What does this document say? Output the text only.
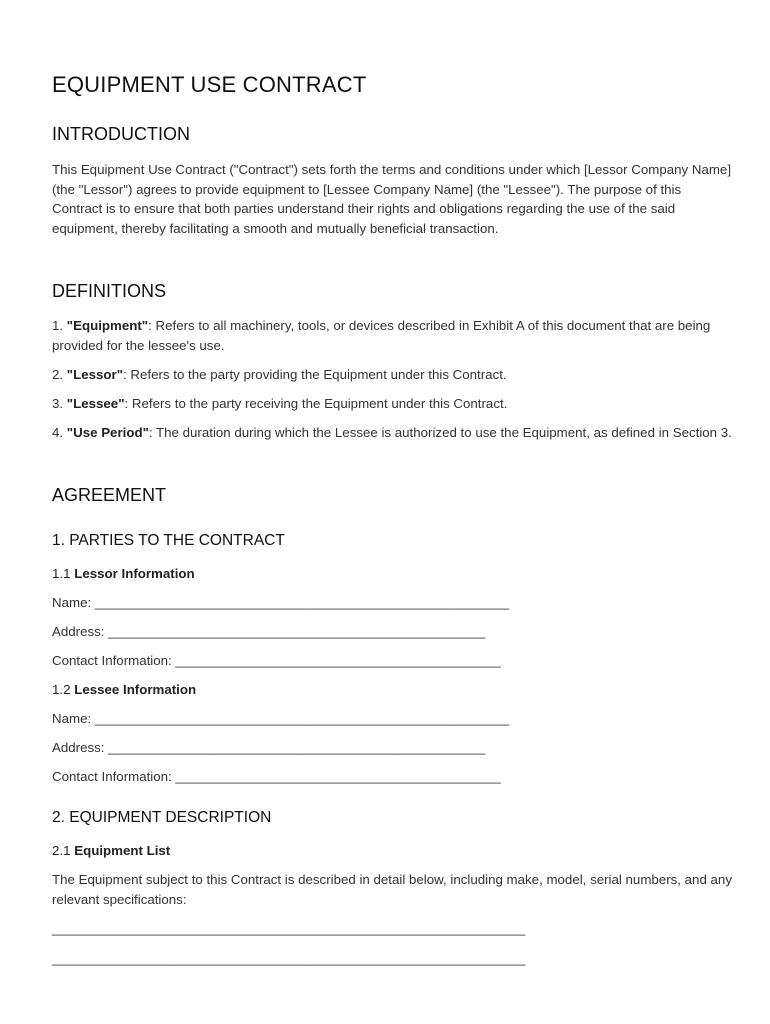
EQUIPMENT USE CONTRACT
INTRODUCTION

This Equipment Use Contract ("Contract") sets forth the terms and conditions under which [Lessor Company Name] (the "Lessor") agrees to provide equipment to [Lessee Company Name] (the "Lessee"). The purpose of this Contract is to ensure that both parties understand their rights and obligations regarding the use of the said equipment, thereby facilitating a smooth and mutually beneficial transaction.

DEFINITIONS

1. "Equipment": Refers to all machinery, tools, or devices described in Exhibit A of this document that are being provided for the lessee's use.

2. "Lessor": Refers to the party providing the Equipment under this Contract.

3. "Lessee": Refers to the party receiving the Equipment under this Contract.

4. "Use Period": The duration during which the Lessee is authorized to use the Equipment, as defined in Section 3.

AGREEMENT
1. PARTIES TO THE CONTRACT
1.1 Lessor Information
Name: ________________________________________________________
Address: ___________________________________________________
Contact Information: ____________________________________________
1.2 Lessee Information
Name: ________________________________________________________
Address: ___________________________________________________
Contact Information: ____________________________________________
2. EQUIPMENT DESCRIPTION
2.1 Equipment List

The Equipment subject to this Contract is described in detail below, including make, model, serial numbers, and any relevant specifications:

________________________________________________________________
________________________________________________________________
